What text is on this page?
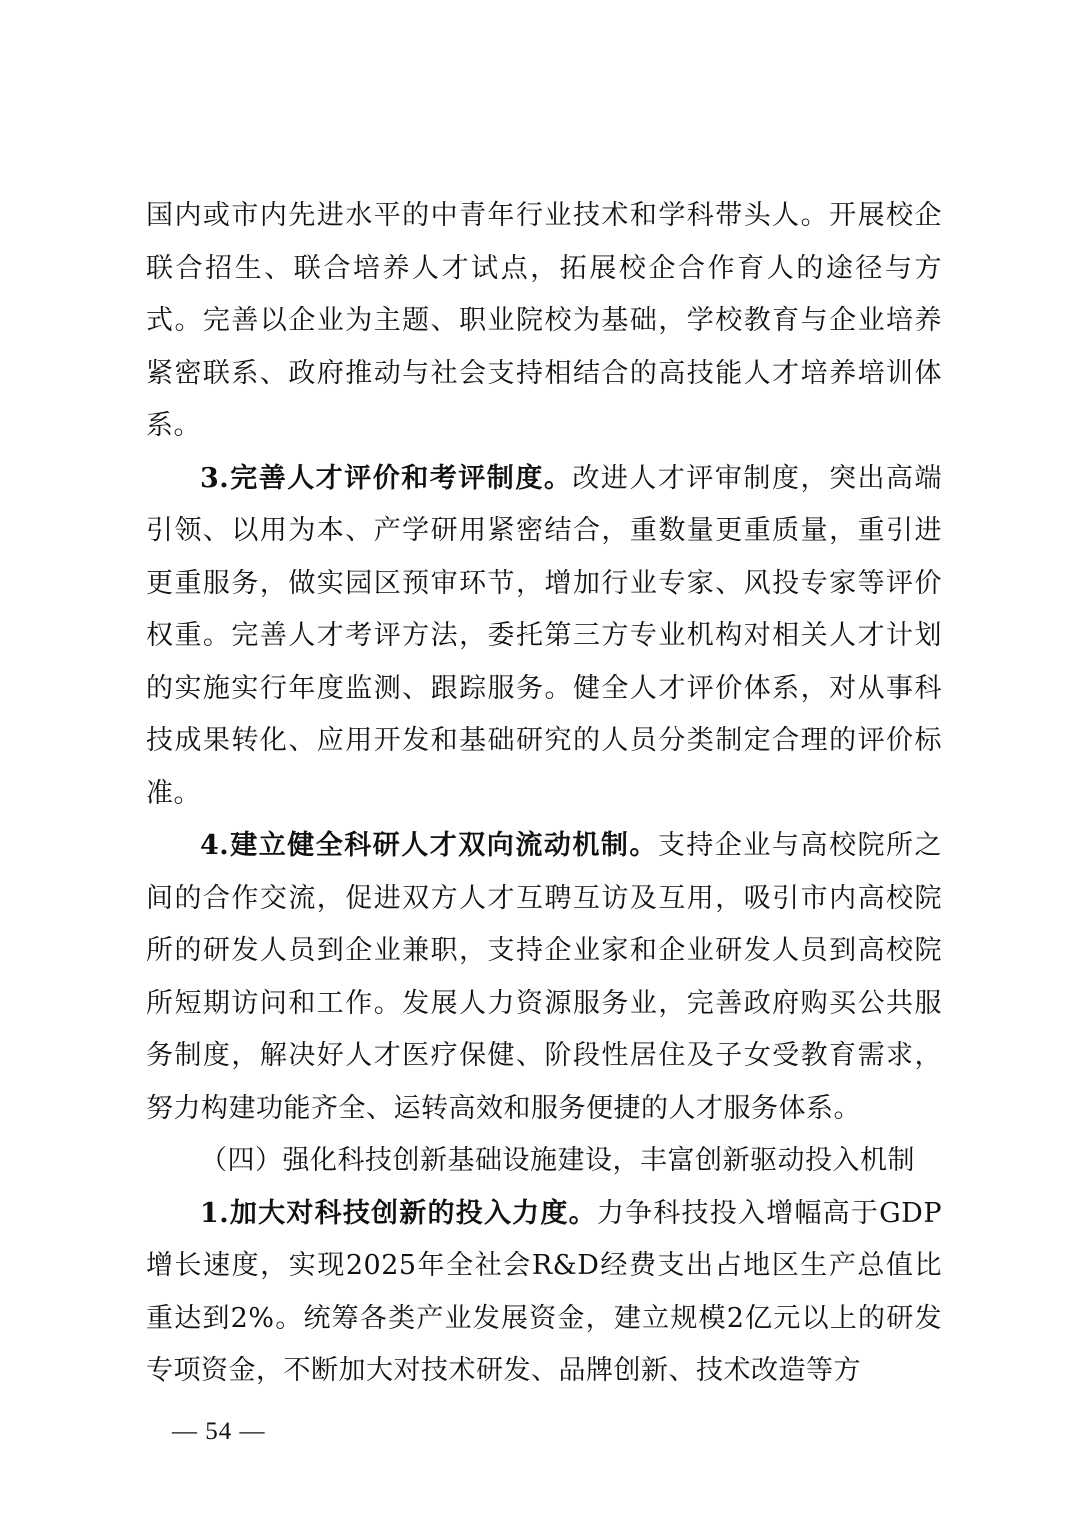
国内或市内先进水平的中青年行业技术和学科带头人。开展校企联合招生、联合培养人才试点，拓展校企合作育人的途径与方式。完善以企业为主题、职业院校为基础，学校教育与企业培养紧密联系、政府推动与社会支持相结合的高技能人才培养培训体系。

3.完善人才评价和考评制度。改进人才评审制度，突出高端引领、以用为本、产学研用紧密结合，重数量更重质量，重引进更重服务，做实园区预审环节，增加行业专家、风投专家等评价权重。完善人才考评方法，委托第三方专业机构对相关人才计划的实施实行年度监测、跟踪服务。健全人才评价体系，对从事科技成果转化、应用开发和基础研究的人员分类制定合理的评价标准。

4.建立健全科研人才双向流动机制。支持企业与高校院所之间的合作交流，促进双方人才互聘互访及互用，吸引市内高校院所的研发人员到企业兼职，支持企业家和企业研发人员到高校院所短期访问和工作。发展人力资源服务业，完善政府购买公共服务制度，解决好人才医疗保健、阶段性居住及子女受教育需求，努力构建功能齐全、运转高效和服务便捷的人才服务体系。

（四）强化科技创新基础设施建设，丰富创新驱动投入机制

1.加大对科技创新的投入力度。力争科技投入增幅高于GDP增长速度，实现2025年全社会R&D经费支出占地区生产总值比重达到2%。统筹各类产业发展资金，建立规模2亿元以上的研发专项资金，不断加大对技术研发、品牌创新、技术改造等方

— 54 —
